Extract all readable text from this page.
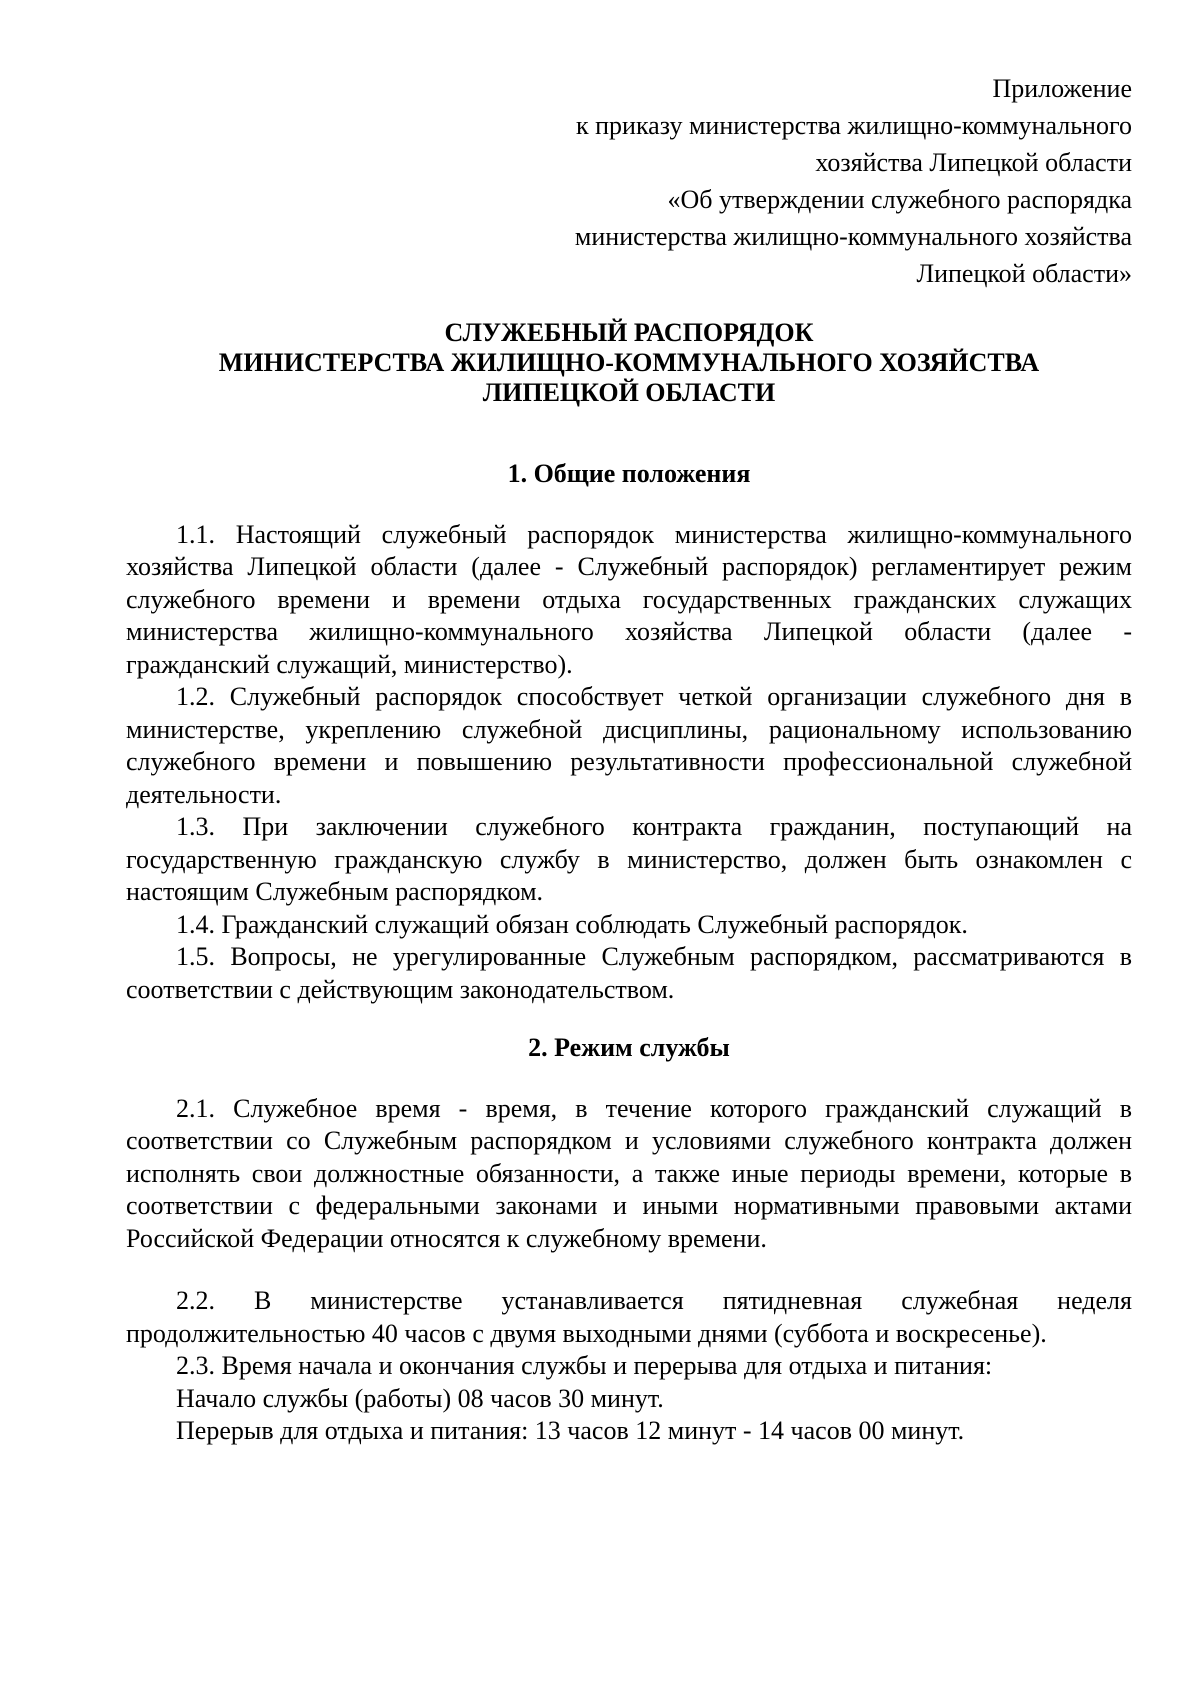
Приложение
к приказу министерства жилищно-коммунального
хозяйства Липецкой области
«Об утверждении служебного распорядка
министерства жилищно-коммунального хозяйства
Липецкой области»
СЛУЖЕБНЫЙ РАСПОРЯДОК
МИНИСТЕРСТВА ЖИЛИЩНО-КОММУНАЛЬНОГО ХОЗЯЙСТВА
ЛИПЕЦКОЙ ОБЛАСТИ
1. Общие положения

1.1. Настоящий служебный распорядок министерства жилищно-коммунального хозяйства Липецкой области (далее - Служебный распорядок) регламентирует режим служебного времени и времени отдыха государственных гражданских служащих министерства жилищно-коммунального хозяйства Липецкой области (далее - гражданский служащий, министерство).

1.2. Служебный распорядок способствует четкой организации служебного дня в министерстве, укреплению служебной дисциплины, рациональному использованию служебного времени и повышению результативности профессиональной служебной деятельности.

1.3. При заключении служебного контракта гражданин, поступающий на государственную гражданскую службу в министерство, должен быть ознакомлен с настоящим Служебным распорядком.

1.4. Гражданский служащий обязан соблюдать Служебный распорядок.

1.5. Вопросы, не урегулированные Служебным распорядком, рассматриваются в соответствии с действующим законодательством.

2. Режим службы

2.1. Служебное время - время, в течение которого гражданский служащий в соответствии со Служебным распорядком и условиями служебного контракта должен исполнять свои должностные обязанности, а также иные периоды времени, которые в соответствии с федеральными законами и иными нормативными правовыми актами Российской Федерации относятся к служебному времени.

2.2. В министерстве устанавливается пятидневная служебная неделя продолжительностью 40 часов с двумя выходными днями (суббота и воскресенье).

2.3. Время начала и окончания службы и перерыва для отдыха и питания:

Начало службы (работы) 08 часов 30 минут.

Перерыв для отдыха и питания: 13 часов 12 минут - 14 часов 00 минут.
